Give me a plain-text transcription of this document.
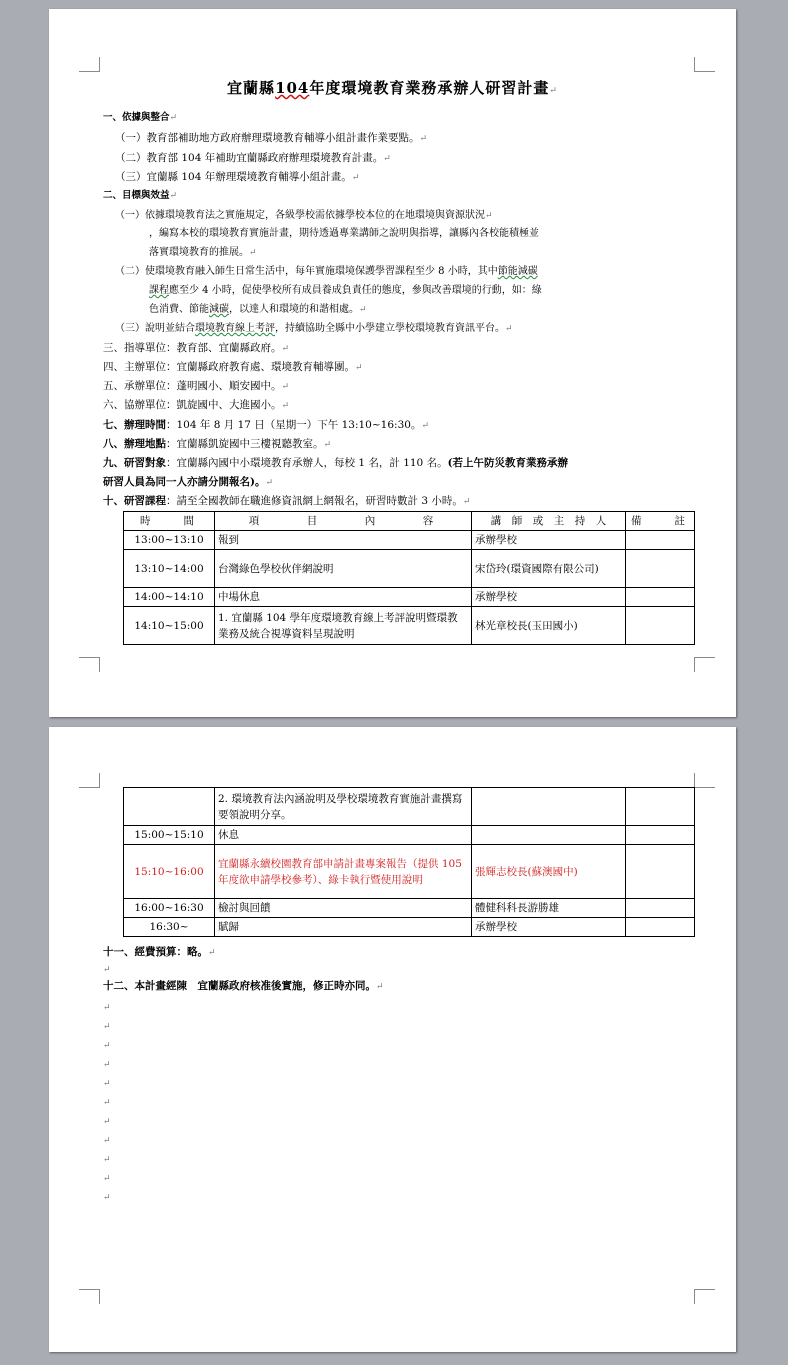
宜蘭縣104年度環境教育業務承辦人研習計畫↵
一、依據與整合↵
（一）教育部補助地方政府辦理環境教育輔導小組計畫作業要點。↵
（二）教育部 104 年補助宜蘭縣政府辦理環境教育計畫。↵
（三）宜蘭縣 104 年辦理環境教育輔導小組計畫。↵
二、目標與效益↵
（一）依據環境教育法之實施規定，各級學校需依據學校本位的在地環境與資源狀況↵
，編寫本校的環境教育實施計畫，期待透過專業講師之說明與指導，讓縣內各校能積極並
落實環境教育的推展。↵
（二）使環境教育融入師生日常生活中，每年實施環境保護學習課程至少 8 小時，其中節能減碳
課程應至少 4 小時，促使學校所有成員養成負責任的態度，參與改善環境的行動，如：綠
色消費、節能減碳，以達人和環境的和諧相處。↵
（三）說明並結合環境教育線上考評，持續協助全縣中小學建立學校環境教育資訊平台。↵
三、指導單位：教育部、宜蘭縣政府。↵
四、主辦單位：宜蘭縣政府教育處、環境教育輔導團。↵
五、承辦單位：蓬明國小、順安國中。↵
六、協辦單位：凱旋國中、大進國小。↵
七、辦理時間：104 年 8 月 17 日（星期一）下午 13:10~16:30。↵
八、辦理地點：宜蘭縣凱旋國中三樓視聽教室。↵
九、研習對象：宜蘭縣內國中小環境教育承辦人，每校 1 名，計 110 名。(若上午防災教育業務承辦
研習人員為同一人亦請分開報名)。↵
十、研習課程：請至全國教師在職進修資訊網上網報名，研習時數計 3 小時。↵
時　　間	項　　　目　　　內　　　容	講　師　或　主　持　人	備　　註
13:00~13:10	報到	承辦學校	
13:10~14:00	台灣綠色學校伙伴網說明	宋岱玲(環資國際有限公司)	
14:00~14:10	中場休息	承辦學校	
14:10~15:00	1. 宜蘭縣 104 學年度環境教育線上考評說明暨環教業務及統合視導資料呈現說明	林光章校長(玉田國小)	
	2. 環境教育法內涵說明及學校環境教育實施計畫撰寫要領說明分享。		
15:00~15:10	休息		
15:10~16:00	宜蘭縣永續校園教育部申請計畫專案報告（提供 105 年度欲申請學校參考）、綠卡執行暨使用說明	張輝志校長(蘇澳國中)	
16:00~16:30	檢討與回饋	體健科科長游勝雄	
16:30~	賦歸	承辦學校	
十一、經費預算：略。↵
↵
十二、本計畫經陳　宜蘭縣政府核准後實施，修正時亦同。↵
↵
↵
↵
↵
↵
↵
↵
↵
↵
↵
↵
